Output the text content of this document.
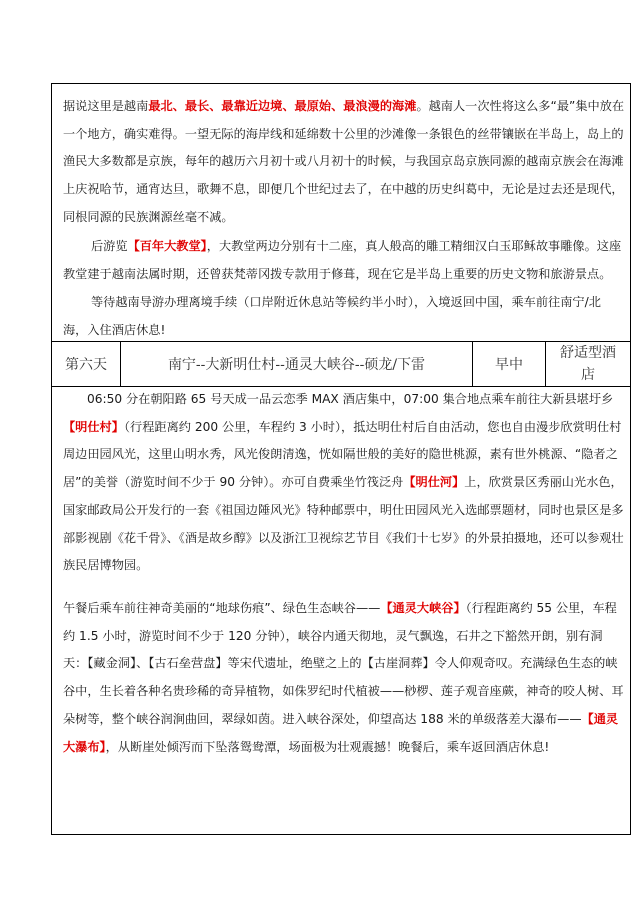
第六天	南宁--大新明仕村--通灵大峡谷--硕龙/下雷	早中
舒适型酒店

据说这里是越南最北、最长、最靠近边境、最原始、最浪漫的海滩。越南人一次性将这么多“最”集中放在一个地方，确实难得。一望无际的海岸线和延绵数十公里的沙滩像一条银色的丝带镶嵌在半岛上，岛上的渔民大多数都是京族，每年的越历六月初十或八月初十的时候，与我国京岛京族同源的越南京族会在海滩上庆祝哈节，通宵达旦，歌舞不息，即便几个世纪过去了，在中越的历史纠葛中，无论是过去还是现代，同根同源的民族渊源丝毫不减。

后游览【百年大教堂】，大教堂两边分别有十二座，真人般高的雕工精细汉白玉耶稣故事雕像。这座教堂建于越南法属时期，还曾获梵蒂冈拨专款用于修葺，现在它是半岛上重要的历史文物和旅游景点。

等待越南导游办理离境手续（口岸附近休息站等候约半小时），入境返回中国，乘车前往南宁/北海，入住酒店休息!

06:50 分在朝阳路 65 号天成一品云恋季 MAX 酒店集中，07:00 集合地点乘车前往大新县堪圩乡【明仕村】（行程距离约 200 公里，车程约 3 小时），抵达明仕村后自由活动，您也自由漫步欣赏明仕村周边田园风光，这里山明水秀，风光俊朗清逸，恍如隔世般的美好的隐世桃源，素有世外桃源、“隐者之居”的美誉（游览时间不少于 90 分钟）。亦可自费乘坐竹筏泛舟【明仕河】上，欣赏景区秀丽山光水色，国家邮政局公开发行的一套《祖国边陲风光》特种邮票中，明仕田园风光入选邮票题材，同时也景区是多部影视剧《花千骨》、《酒是故乡醇》以及浙江卫视综艺节目《我们十七岁》的外景拍摄地，还可以参观壮族民居博物园。

午餐后乘车前往神奇美丽的“地球伤痕”、绿色生态峡谷——【通灵大峡谷】（行程距离约 55 公里，车程约 1.5 小时，游览时间不少于 120 分钟），峡谷内通天彻地，灵气飘逸，石井之下豁然开朗，别有洞天：【藏金洞】、【古石垒营盘】等宋代遗址，绝壁之上的【古崖洞葬】令人仰观奇叹。充满绿色生态的峡谷中，生长着各种名贵珍稀的奇异植物，如侏罗纪时代植被——桫椤、莲子观音座蕨，神奇的咬人树、耳朵树等，整个峡谷润涧曲回，翠绿如茵。进入峡谷深处，仰望高达 188 米的单级落差大瀑布——【通灵大瀑布】，从断崖处倾泻而下坠落鸳鸯潭，场面极为壮观震撼！晚餐后，乘车返回酒店休息!
